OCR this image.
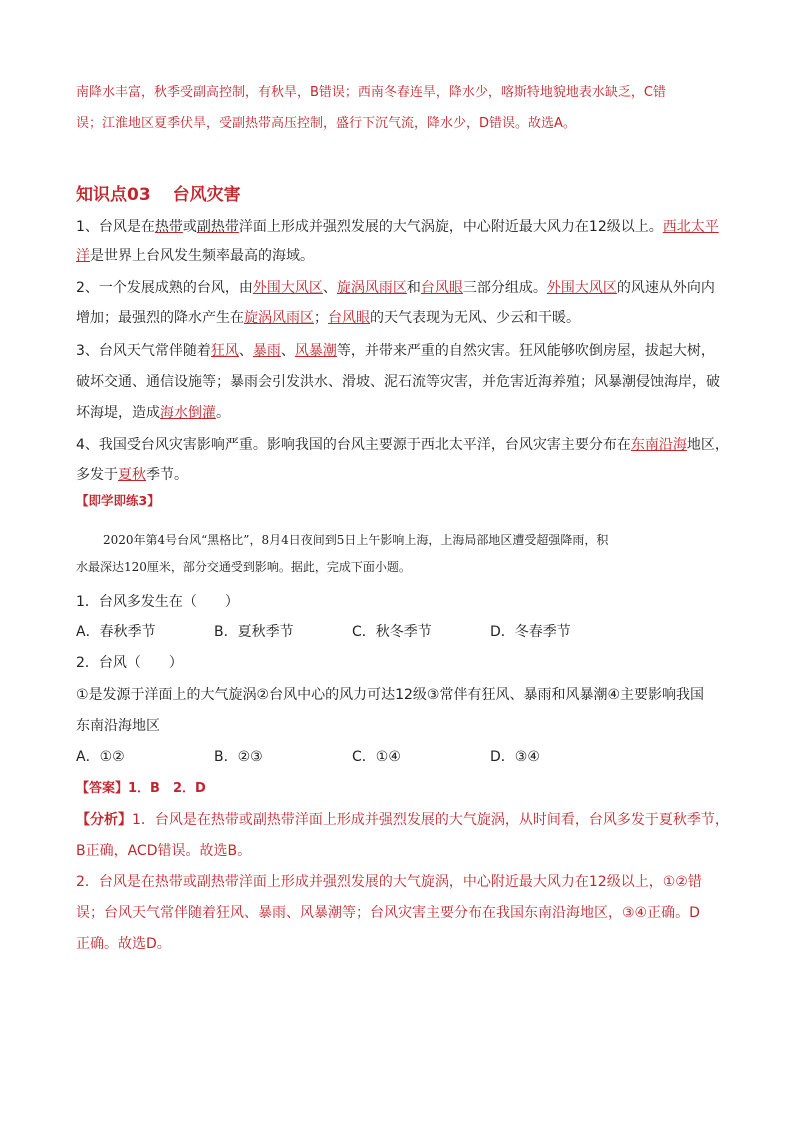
南降水丰富，秋季受副高控制，有秋旱，B错误；西南冬春连旱，降水少，喀斯特地貌地表水缺乏，C错

误；江淮地区夏季伏旱，受副热带高压控制，盛行下沉气流，降水少，D错误。故选A。

知识点03 台风灾害

1、台风是在热带或副热带洋面上形成并强烈发展的大气涡旋，中心附近最大风力在12级以上。西北太平

洋是世界上台风发生频率最高的海域。

2、一个发展成熟的台风，由外围大风区、旋涡风雨区和台风眼三部分组成。外围大风区的风速从外向内

增加；最强烈的降水产生在旋涡风雨区；台风眼的天气表现为无风、少云和干暖。

3、台风天气常伴随着狂风、暴雨、风暴潮等，并带来严重的自然灾害。狂风能够吹倒房屋，拔起大树，

破坏交通、通信设施等；暴雨会引发洪水、滑坡、泥石流等灾害，并危害近海养殖；风暴潮侵蚀海岸，破

坏海堤，造成海水倒灌。

4、我国受台风灾害影响严重。影响我国的台风主要源于西北太平洋，台风灾害主要分布在东南沿海地区，

多发于夏秋季节。

【即学即练3】

2020年第4号台风“黑格比”，8月4日夜间到5日上午影响上海，上海局部地区遭受超强降雨，积

水最深达120厘米，部分交通受到影响。据此，完成下面小题。

1．台风多发生在（　　）

A．春秋季节	B．夏秋季节	C．秋冬季节	D．冬春季节

2．台风（　　）

①是发源于洋面上的大气旋涡②台风中心的风力可达12级③常伴有狂风、暴雨和风暴潮④主要影响我国

东南沿海地区

A．①②	B．②③	C．①④	D．③④

【答案】1．B　2．D

【分析】1．台风是在热带或副热带洋面上形成并强烈发展的大气旋涡，从时间看，台风多发于夏秋季节，

B正确，ACD错误。故选B。

2．台风是在热带或副热带洋面上形成并强烈发展的大气旋涡，中心附近最大风力在12级以上，①②错

误；台风天气常伴随着狂风、暴雨、风暴潮等；台风灾害主要分布在我国东南沿海地区，③④正确。D

正确。故选D。
